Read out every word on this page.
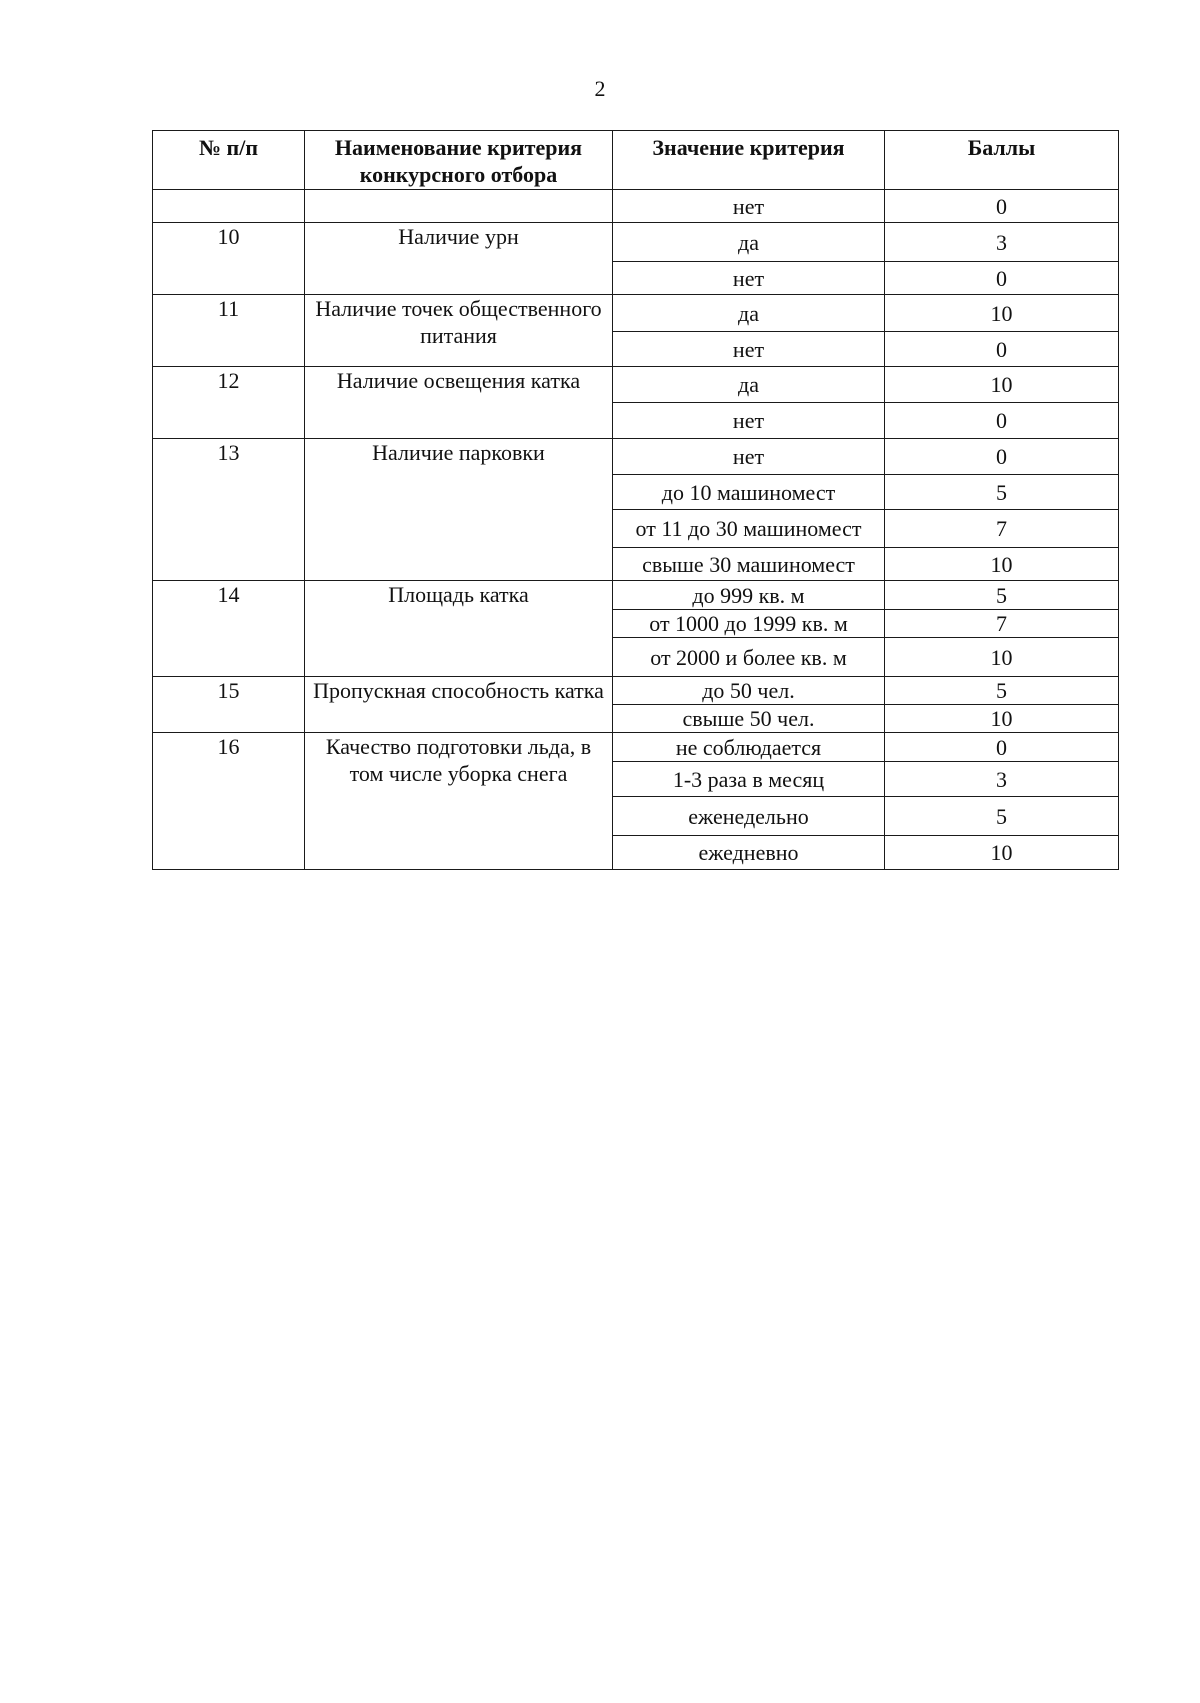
2
№ п/п	Наименование критерия конкурсного отбора	Значение критерия	Баллы
		нет	0
10	Наличие урн	да	3
		нет	0
11	Наличие точек общественного питания	да	10
		нет	0
12	Наличие освещения катка	да	10
		нет	0
13	Наличие парковки	нет	0
		до 10 машиномест	5
		от 11 до 30 машиномест	7
		свыше 30 машиномест	10
14	Площадь катка	до 999 кв. м	5
		от 1000 до 1999 кв. м	7
		от 2000 и более кв. м	10
15	Пропускная способность катка	до 50 чел.	5
		свыше 50 чел.	10
16	Качество подготовки льда, в том числе уборка снега	не соблюдается	0
		1-3 раза в месяц	3
		еженедельно	5
		ежедневно	10
